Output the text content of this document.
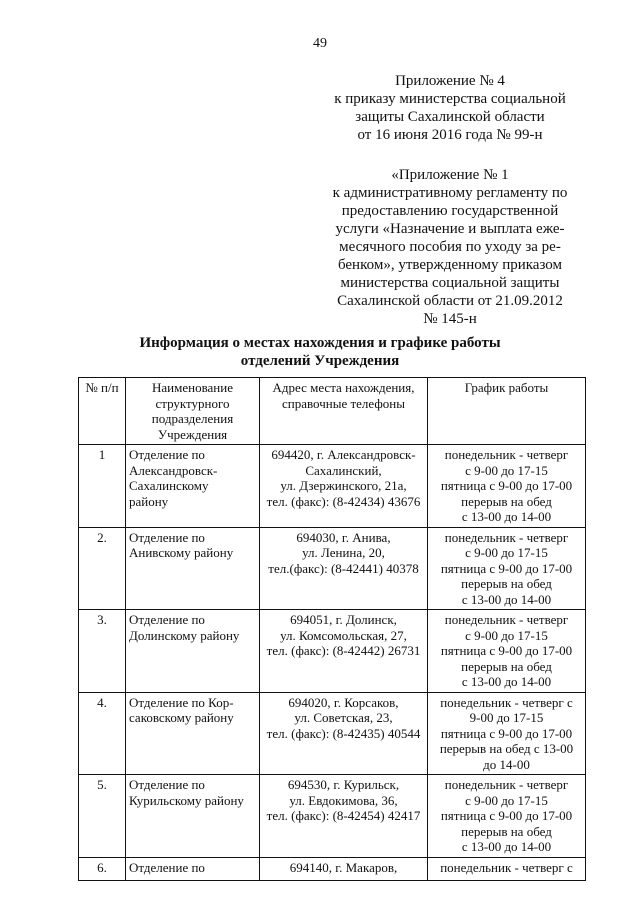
49
Приложение № 4
к приказу министерства социальной
защиты Сахалинской области
от 16 июня 2016 года № 99-н
«Приложение № 1
к административному регламенту по
предоставлению государственной
услуги «Назначение и выплата еже-
месячного пособия по уходу за ре-
бенком», утвержденному приказом
министерства социальной защиты
Сахалинской области от 21.09.2012
№ 145-н
Информация о местах нахождения и графике работы
отделений Учреждения
№ п/п	Наименование
структурного
подразделения
Учреждения	Адрес места нахождения,
справочные телефоны	График работы
1	Отделение по
Александровск-
Сахалинскому
району	694420, г. Александровск-
Сахалинский,
ул. Дзержинского, 21а,
тел. (факс): (8-42434) 43676	понедельник - четверг
с 9-00 до 17-15
пятница с 9-00 до 17-00
перерыв на обед
с 13-00 до 14-00

2.	Отделение по
Анивскому району	694030, г. Анива,
ул. Ленина, 20,
тел.(факс): (8-42441) 40378	понедельник - четверг
с 9-00 до 17-15
пятница с 9-00 до 17-00
перерыв на обед
с 13-00 до 14-00

3.	Отделение по
Долинскому району	694051, г. Долинск,
ул. Комсомольская, 27,
тел. (факс): (8-42442) 26731	понедельник - четверг
с 9-00 до 17-15
пятница с 9-00 до 17-00
перерыв на обед
с 13-00 до 14-00

4.	Отделение по Кор-
саковскому району	694020, г. Корсаков,
ул. Советская, 23,
тел. (факс): (8-42435) 40544	понедельник - четверг с
9-00 до 17-15
пятница с 9-00 до 17-00
перерыв на обед с 13-00
до 14-00

5.	Отделение по
Курильскому району	694530, г. Курильск,
ул. Евдокимова, 36,
тел. (факс): (8-42454) 42417	понедельник - четверг
с 9-00 до 17-15
пятница с 9-00 до 17-00
перерыв на обед
с 13-00 до 14-00

6.	Отделение по	694140, г. Макаров,	понедельник - четверг с
